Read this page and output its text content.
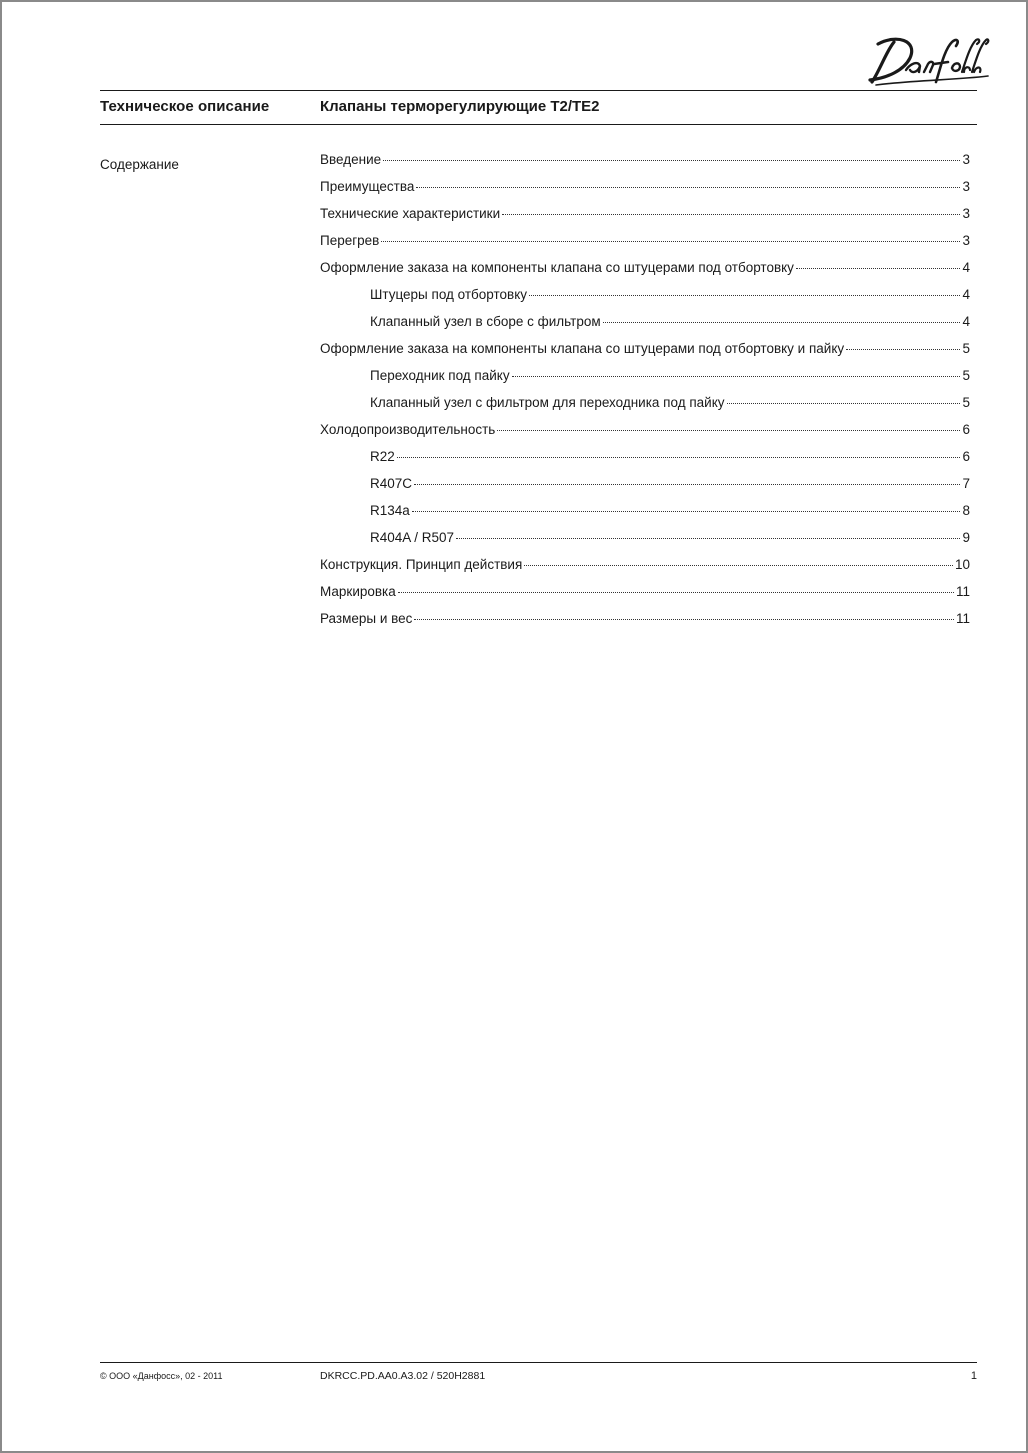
Техническое описание	Клапаны терморегулирующие T2/TE2
Содержание	Введение	3
Преимущества	3
Технические характеристики	3
Перегрев	3
Оформление заказа на компоненты клапана со штуцерами под отбортовку	4
Штуцеры под отбортовку	4
Клапанный узел в сборе с фильтром	4
Оформление заказа на компоненты клапана со штуцерами под отбортовку и пайку	5
Переходник под пайку	5
Клапанный узел с фильтром для переходника под пайку	5
Холодопроизводительность	6
R22	6
R407C	7
R134a	8
R404A / R507	9
Конструкция. Принцип действия	10
Маркировка	11
Размеры и вес	11
© ООО «Данфосс», 02 - 2011	DKRCC.PD.AA0.A3.02 / 520H2881	1
